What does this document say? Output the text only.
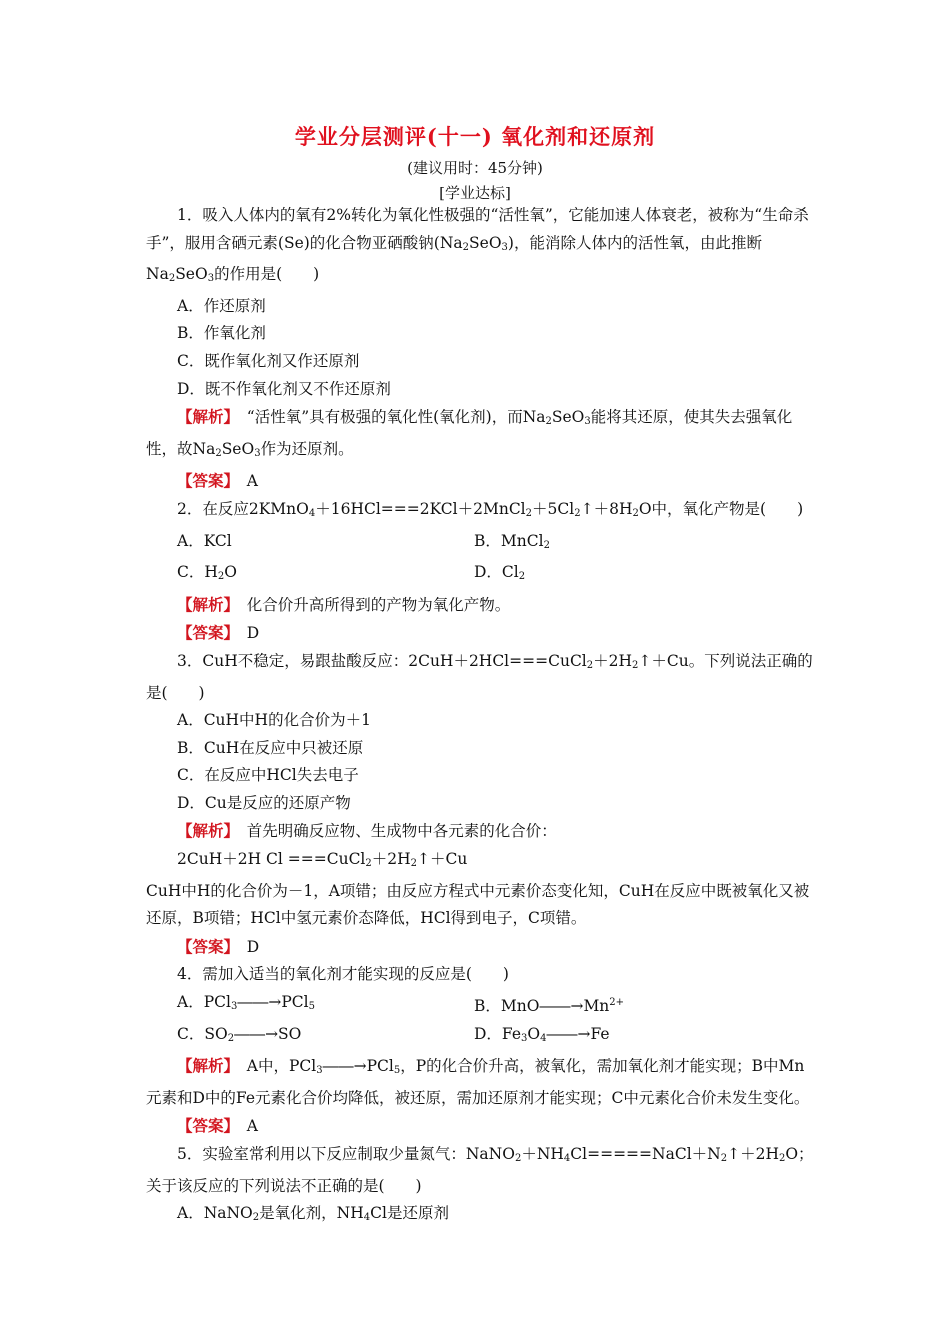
学业分层测评(十一) 氧化剂和还原剂
(建议用时：45分钟)
[学业达标]

1．吸入人体内的氧有2%转化为氧化性极强的“活性氧”，它能加速人体衰老，被称为“生命杀手”，服用含硒元素(Se)的化合物亚硒酸钠$(Na_2SeO_3)$，能消除人体内的活性氧，由此推断$Na_2SeO_3$的作用是(　　)

A．作还原剂

B．作氧化剂

C．既作氧化剂又作还原剂

D．既不作氧化剂又不作还原剂

【解析】　“活性氧”具有极强的氧化性(氧化剂)，而$Na_2SeO_3$能将其还原，使其失去强氧化性，故$Na_2SeO_3$作为还原剂。

【答案】　 A

2．在反应$2KMnO_4+16HCl===2KCl+2MnCl_2+5Cl_2↑+8H_2O$中，氧化产物是(　　)

A．KCl	B．MnCl$_2$
C．$H_2O$	D．$Cl_2$

【解析】　化合价升高所得到的产物为氧化产物。

【答案】　 D

3．CuH不稳定，易跟盐酸反应：$2CuH+2HCl===CuCl_2+2H_2↑+Cu$。下列说法正确的是(　　)

A．CuH中H的化合价为＋1

B．CuH在反应中只被还原

C．在反应中HCl失去电子

D．Cu是反应的还原产物

【解析】　首先明确反应物、生成物中各元素的化合价：

2CuH＋2H $Cl ===CuCl_2+2H_2↑+Cu$

CuH中H的化合价为－1，A项错；由反应方程式中元素价态变化知，CuH在反应中既被氧化又被还原，B项错；HCl中氢元素价态降低，HCl得到电子，C项错。

【答案】　 D

4．需加入适当的氧化剂才能实现的反应是(　　)

A．PCl$_3$――→PCl$_5$	B．$MnO――\to Mn^{2+}$
C．$SO_2――\to SO$	D．$Fe_3O_4――\to Fe$

【解析】　A中，PCl$_3$――→PCl$_5$，P的化合价升高，被氧化，需加氧化剂才能实现；B中Mn元素和D中的Fe元素化合价均降低，被还原，需加还原剂才能实现；C中元素化合价未发生变化。

【答案】　 A

5．实验室常利用以下反应制取少量氮气：$NaNO_2+NH_4Cl=====NaCl+N_2↑+2H_2O$；关于该反应的下列说法不正确的是(　　)

A．NaNO$_2$是氧化剂，$NH_4Cl$是还原剂
